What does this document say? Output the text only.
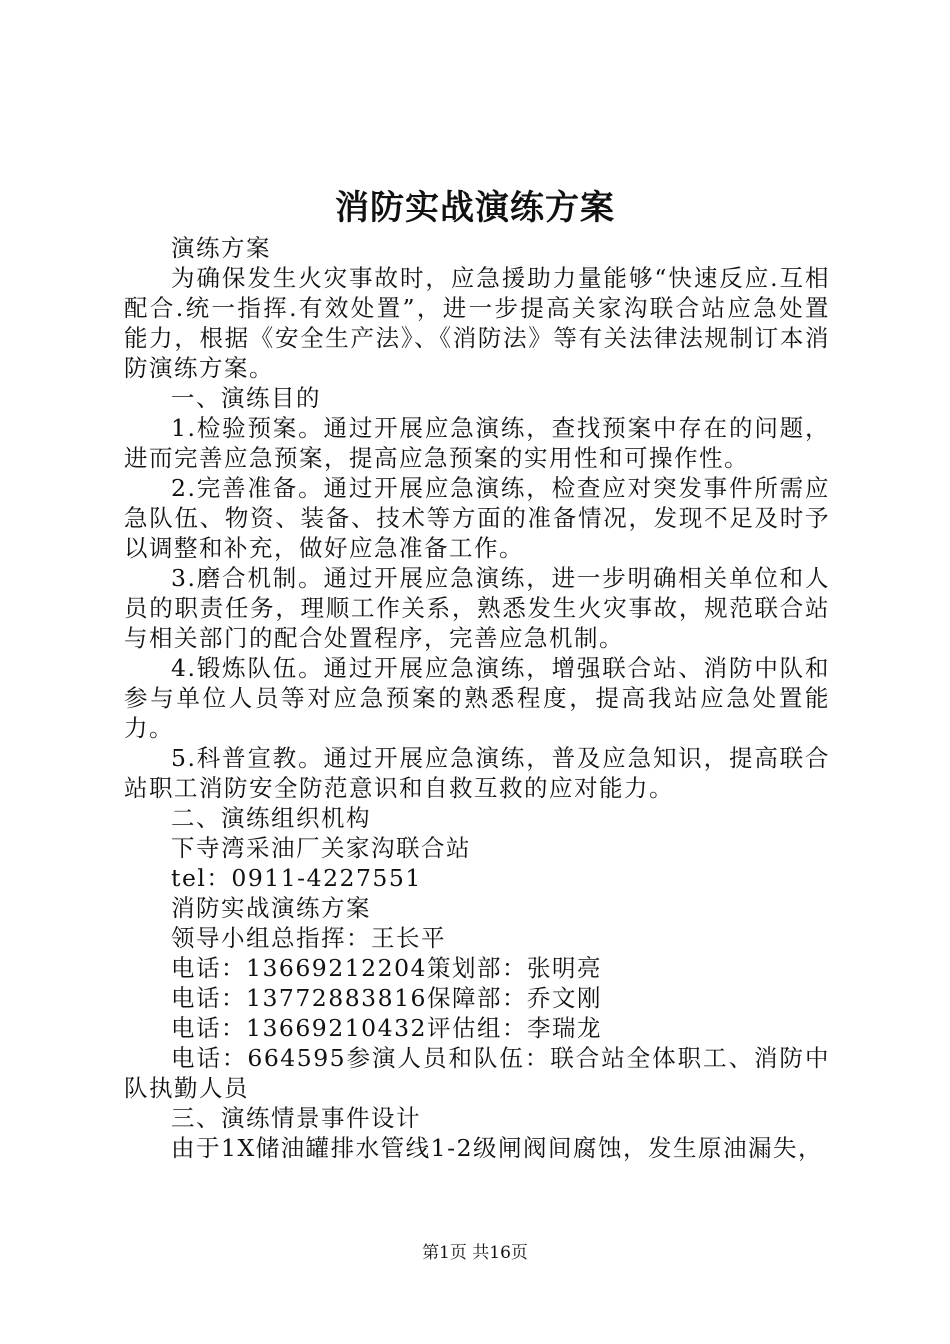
消防实战演练方案

演练方案

为确保发生火灾事故时，应急援助力量能够“快速反应.互相配合.统一指挥.有效处置”，进一步提高关家沟联合站应急处置能力，根据《安全生产法》、《消防法》等有关法律法规制订本消防演练方案。

一、演练目的

1.检验预案。通过开展应急演练，查找预案中存在的问题，进而完善应急预案，提高应急预案的实用性和可操作性。

2.完善准备。通过开展应急演练，检查应对突发事件所需应急队伍、物资、装备、技术等方面的准备情况，发现不足及时予以调整和补充，做好应急准备工作。

3.磨合机制。通过开展应急演练，进一步明确相关单位和人员的职责任务，理顺工作关系，熟悉发生火灾事故，规范联合站与相关部门的配合处置程序，完善应急机制。

4.锻炼队伍。通过开展应急演练，增强联合站、消防中队和参与单位人员等对应急预案的熟悉程度，提高我站应急处置能力。

5.科普宣教。通过开展应急演练，普及应急知识，提高联合站职工消防安全防范意识和自救互救的应对能力。

二、演练组织机构

下寺湾采油厂关家沟联合站

tel：0911-4227551

消防实战演练方案

领导小组总指挥：王长平

电话：13669212204策划部：张明亮

电话：13772883816保障部：乔文刚

电话：13669210432评估组：李瑞龙

电话：664595参演人员和队伍：联合站全体职工、消防中队执勤人员

三、演练情景事件设计

由于1X储油罐排水管线1-2级闸阀间腐蚀，发生原油漏失，

第1页 共16页
